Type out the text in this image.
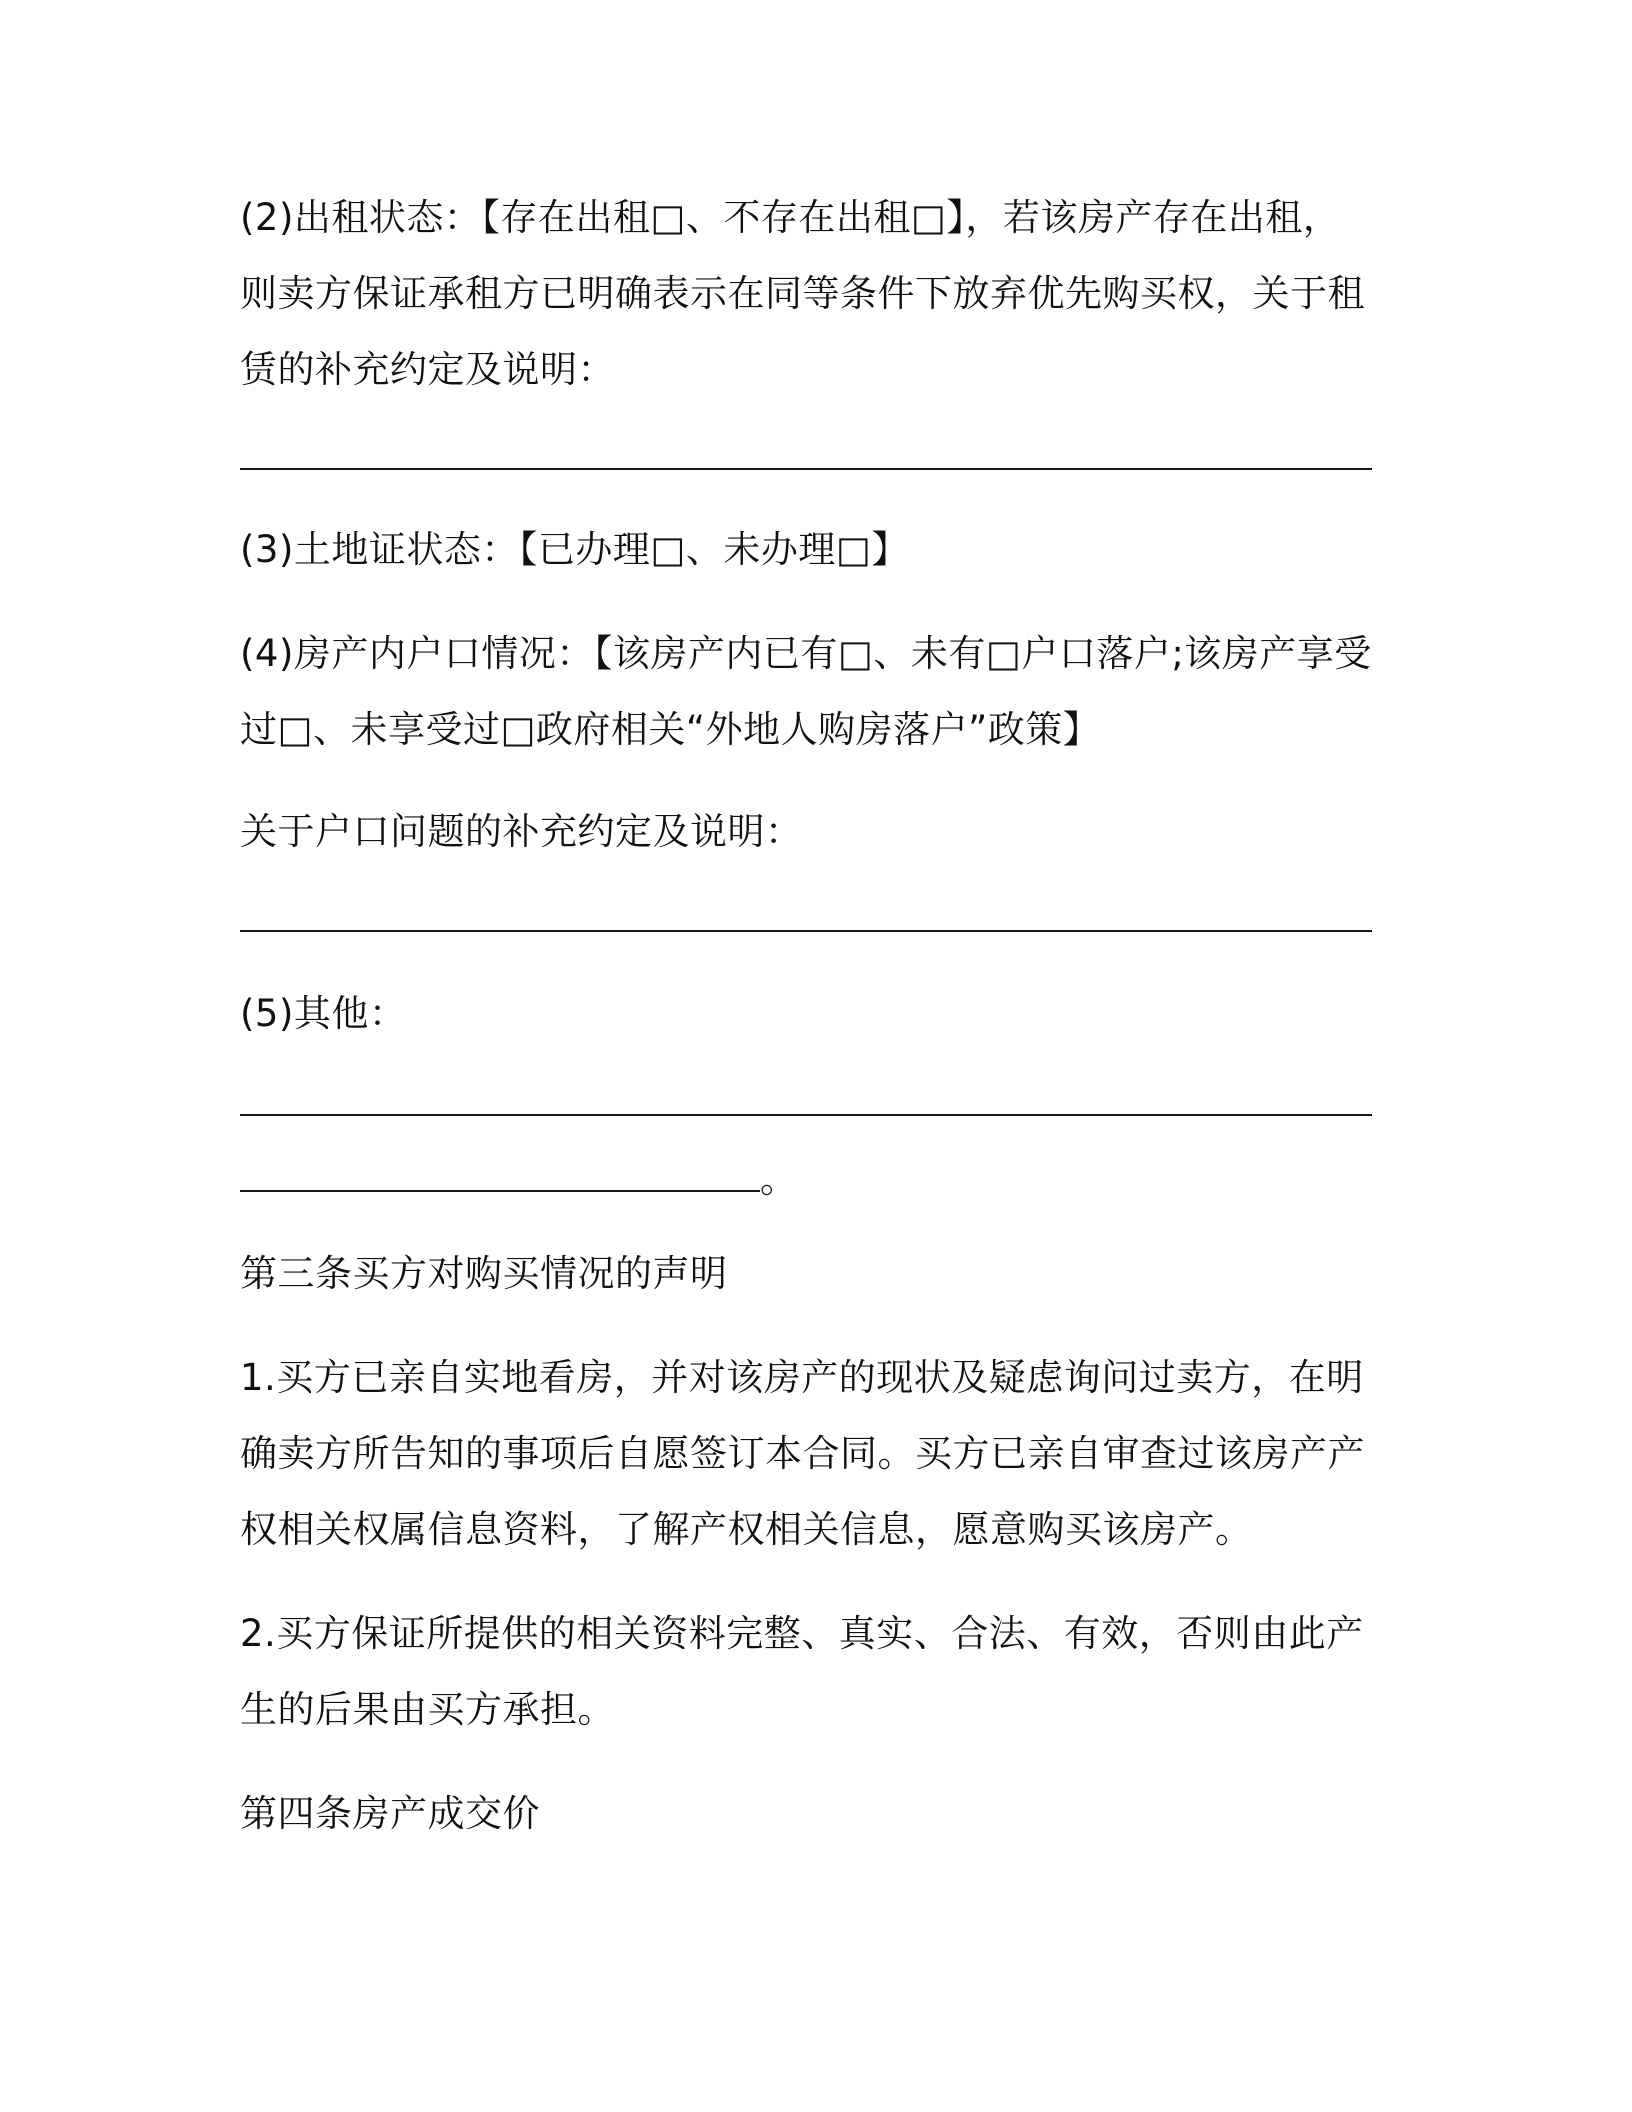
(2)出租状态：【存在出租□、不存在出租□】，若该房产存在出租，

则卖方保证承租方已明确表示在同等条件下放弃优先购买权，关于租

赁的补充约定及说明：

(3)土地证状态：【已办理□、未办理□】

(4)房产内户口情况：【该房产内已有□、未有□户口落户;该房产享受

过□、未享受过□政府相关“外地人购房落户”政策】

关于户口问题的补充约定及说明：

(5)其他：

。

第三条买方对购买情况的声明

1.买方已亲自实地看房，并对该房产的现状及疑虑询问过卖方，在明

确卖方所告知的事项后自愿签订本合同。买方已亲自审查过该房产产

权相关权属信息资料，了解产权相关信息，愿意购买该房产。

2.买方保证所提供的相关资料完整、真实、合法、有效，否则由此产

生的后果由买方承担。

第四条房产成交价
